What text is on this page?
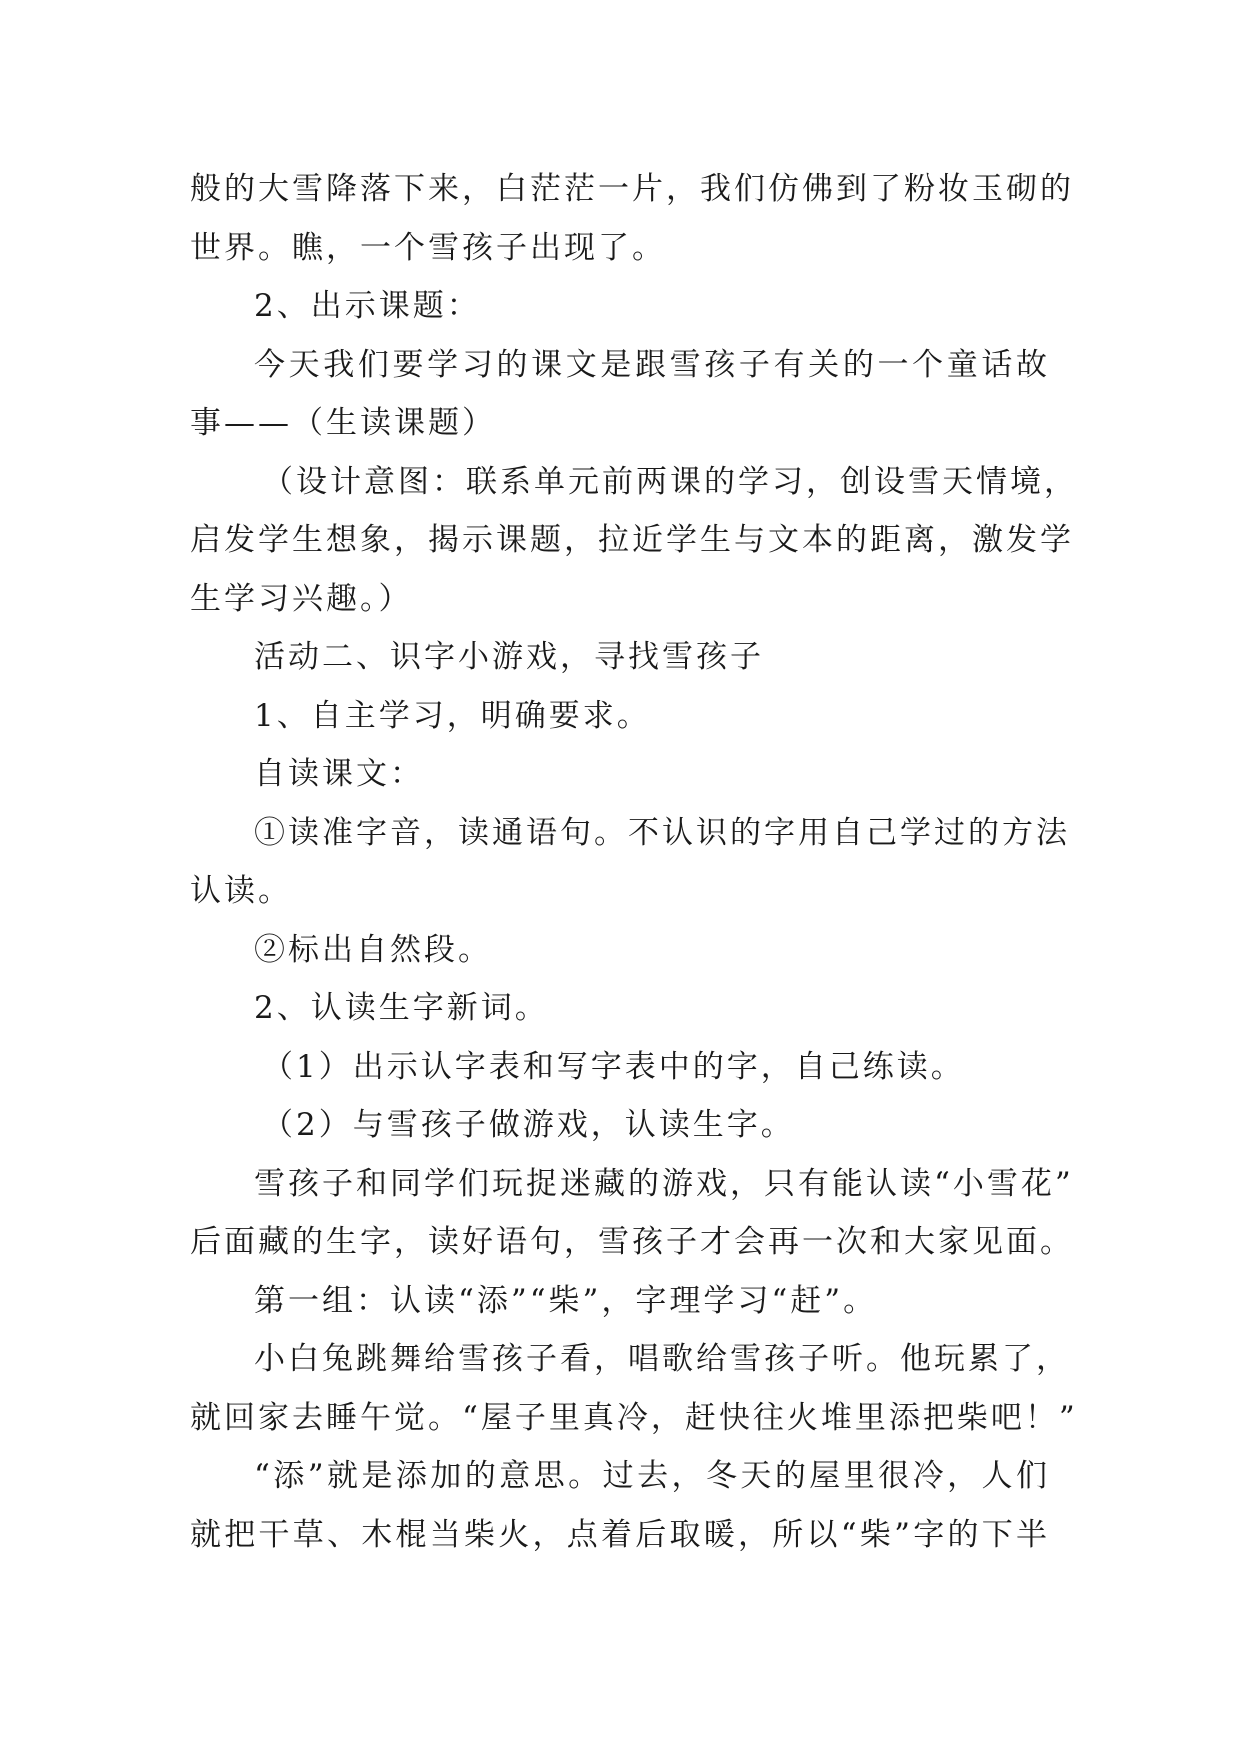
般的大雪降落下来，白茫茫一片，我们仿佛到了粉妆玉砌的
世界。瞧，一个雪孩子出现了。
2、出示课题：
今天我们要学习的课文是跟雪孩子有关的一个童话故
事——（生读课题）
（设计意图：联系单元前两课的学习，创设雪天情境，
启发学生想象，揭示课题，拉近学生与文本的距离，激发学
生学习兴趣。）
活动二、识字小游戏，寻找雪孩子
1、自主学习，明确要求。
自读课文：
①读准字音，读通语句。不认识的字用自己学过的方法
认读。
②标出自然段。
2、认读生字新词。
（1）出示认字表和写字表中的字，自己练读。
（2）与雪孩子做游戏，认读生字。
雪孩子和同学们玩捉迷藏的游戏，只有能认读“小雪花”
后面藏的生字，读好语句，雪孩子才会再一次和大家见面。
第一组：认读“添”“柴”，字理学习“赶”。
小白兔跳舞给雪孩子看，唱歌给雪孩子听。他玩累了，
就回家去睡午觉。“屋子里真冷，赶快往火堆里添把柴吧！”
“添”就是添加的意思。过去，冬天的屋里很冷，人们
就把干草、木棍当柴火，点着后取暖，所以“柴”字的下半
